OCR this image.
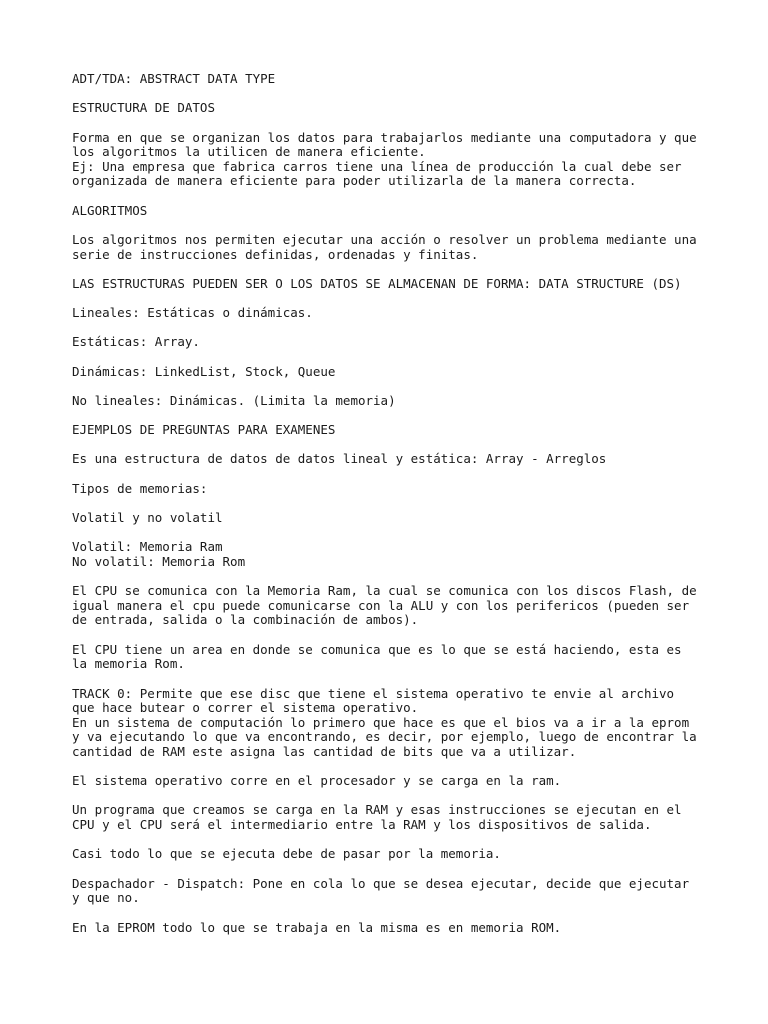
ADT/TDA: ABSTRACT DATA TYPE

ESTRUCTURA DE DATOS

Forma en que se organizan los datos para trabajarlos mediante una computadora y que
los algoritmos la utilicen de manera eficiente.
Ej: Una empresa que fabrica carros tiene una línea de producción la cual debe ser
organizada de manera eficiente para poder utilizarla de la manera correcta.

ALGORITMOS

Los algoritmos nos permiten ejecutar una acción o resolver un problema mediante una
serie de instrucciones definidas, ordenadas y finitas.

LAS ESTRUCTURAS PUEDEN SER O LOS DATOS SE ALMACENAN DE FORMA: DATA STRUCTURE (DS)

Lineales: Estáticas o dinámicas.

Estáticas: Array.

Dinámicas: LinkedList, Stock, Queue

No lineales: Dinámicas. (Limita la memoria)

EJEMPLOS DE PREGUNTAS PARA EXAMENES

Es una estructura de datos de datos lineal y estática: Array - Arreglos

Tipos de memorias:

Volatil y no volatil

Volatil: Memoria Ram
No volatil: Memoria Rom

El CPU se comunica con la Memoria Ram, la cual se comunica con los discos Flash, de
igual manera el cpu puede comunicarse con la ALU y con los perifericos (pueden ser
de entrada, salida o la combinación de ambos).

El CPU tiene un area en donde se comunica que es lo que se está haciendo, esta es
la memoria Rom.

TRACK 0: Permite que ese disc que tiene el sistema operativo te envie al archivo
que hace butear o correr el sistema operativo.
En un sistema de computación lo primero que hace es que el bios va a ir a la eprom
y va ejecutando lo que va encontrando, es decir, por ejemplo, luego de encontrar la
cantidad de RAM este asigna las cantidad de bits que va a utilizar.

El sistema operativo corre en el procesador y se carga en la ram.

Un programa que creamos se carga en la RAM y esas instrucciones se ejecutan en el
CPU y el CPU será el intermediario entre la RAM y los dispositivos de salida.

Casi todo lo que se ejecuta debe de pasar por la memoria.

Despachador - Dispatch: Pone en cola lo que se desea ejecutar, decide que ejecutar
y que no.

En la EPROM todo lo que se trabaja en la misma es en memoria ROM.
